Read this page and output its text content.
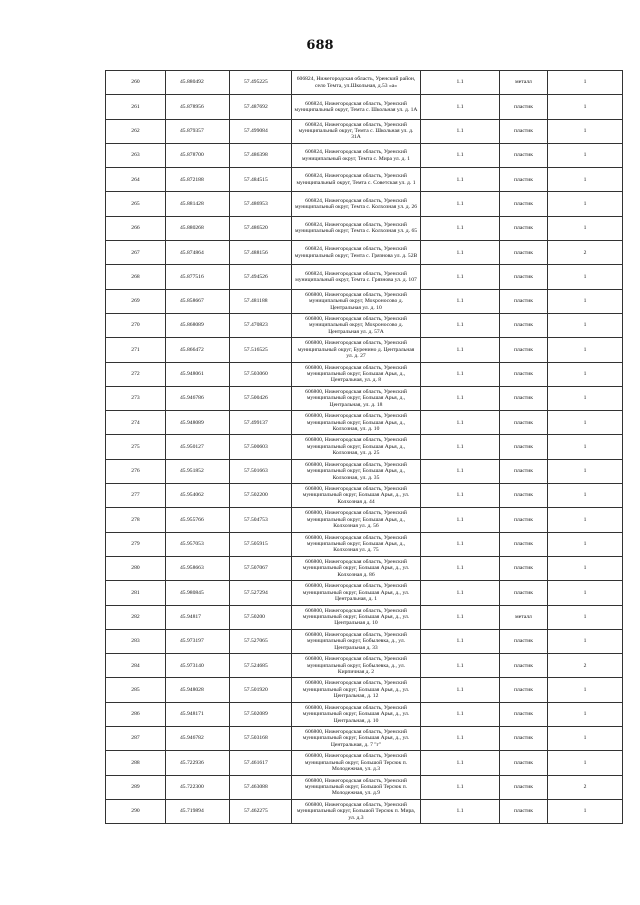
688
260	45.880492	57.495225	606824, Нижегородская область, Уренский район, село Темта, ул.Школьная, д.53 «а»	1.1	металл	1
261	45.878956	57.487692	606824, Нижегородская область, Уренский муниципальный округ, Темта с. Школьная ул. д. 1А	1.1	пластик	1
262	45.879357	57.499084	606824, Нижегородская область, Уренский муниципальный округ, Темта с. Школьная ул. д. 31А	1.1	пластик	1
263	45.878700	57.486398	606824, Нижегородская область, Уренский муниципальный округ, Темта с. Мира ул. д. 1	1.1	пластик	1
264	45.872188	57.484515	606824, Нижегородская область, Уренский муниципальный округ, Темта с. Советская ул. д. 1	1.1	пластик	1
265	45.881428	57.486953	606824, Нижегородская область, Уренский муниципальный округ, Темта с. Колхозная ул. д. 26	1.1	пластик	1
266	45.880268	57.486520	606824, Нижегородская область, Уренский муниципальный округ, Темта с. Колхозная ул. д. 65	1.1	пластик	1
267	45.874864	57.488156	606824, Нижегородская область, Уренский муниципальный округ, Темта с. Грязнова ул. д. 52В	1.1	пластик	2
268	45.877516	57.494526	606824, Нижегородская область, Уренский муниципальный округ, Темта с. Грязнова ул. д. 107	1.1	пластик	1
269	45.858667	57.481188	606800, Нижегородская область, Уренский муниципальный округ, Мохроносово д. Центральная ул. д. 10	1.1	пластик	1
270	45.868089	57.470823	606800, Нижегородская область, Уренский муниципальный округ, Мохроносово д. Центральная ул. д. 57А	1.1	пластик	1
271	45.866472	57.516525	606800, Нижегородская область, Уренский муниципальный округ, Буренино д. Центральная ул. д. 27	1.1	пластик	1
272	45.948061	57.503060	606800, Нижегородская область, Уренский муниципальный округ, Большая Арья, д., Центральная, ул. д. 8	1.1	пластик	1
273	45.946786	57.500426	606800, Нижегородская область, Уренский муниципальный округ, Большая Арья, д., Центральная, ул. д. 18	1.1	пластик	1
274	45.948089	57.499137	606800, Нижегородская область, Уренский муниципальный округ, Большая Арья, д., Колхозная, ул. д. 10	1.1	пластик	1
275	45.950127	57.500603	606800, Нижегородская область, Уренский муниципальный округ, Большая Арья, д., Колхозная, ул. д. 25	1.1	пластик	1
276	45.951852	57.501663	606800, Нижегородская область, Уренский муниципальный округ, Большая Арья, д., Колхозная, ул. д. 35	1.1	пластик	1
277	45.954062	57.502200	606800, Нижегородская область, Уренский муниципальный округ, Большая Арья, д., ул. Колхозная д. 44	1.1	пластик	1
278	45.955766	57.504753	606800, Нижегородская область, Уренский муниципальный округ, Большая Арья, д., Колхозная ул. д. 56	1.1	пластик	1
279	45.957053	57.505915	606800, Нижегородская область, Уренский муниципальный округ, Большая Арья, д., Колхозная ул. д. 75	1.1	пластик	1
280	45.958663	57.507067	606800, Нижегородская область, Уренский муниципальный округ, Большая Арья, д., ул. Колхозная д. 86	1.1	пластик	1
281	45.980845	57.527294	606800, Нижегородская область, Уренский муниципальный округ, Большая Арья, д., ул. Центральная, д. 1	1.1	пластик	1
282	45.94817	57.50200	606800, Нижегородская область, Уренский муниципальный округ, Большая Арья, д., ул. Центральная д. 10	1.1	металл	1
283	45.973197	57.527065	606800, Нижегородская область, Уренский муниципальный округ, Бобылевка, д., ул. Центральная д. 33	1.1	пластик	1
284	45.973140	57.524685	606800, Нижегородская область, Уренский муниципальный округ, Бобылевка, д., ул. Кирпичная д. 2	1.1	пластик	2
285	45.948028	57.501920	606800, Нижегородская область, Уренский муниципальный округ, Большая Арья, д., ул. Центральная, д. 12	1.1	пластик	1
286	45.948171	57.502089	606800, Нижегородская область, Уренский муниципальный округ, Большая Арья, д., ул. Центральная, д. 10	1.1	пластик	1
287	45.946782	57.503168	606800, Нижегородская область, Уренский муниципальный округ, Большая Арья, д., ул. Центральная, д. 7 "г"	1.1	пластик	1
288	45.722936	57.461617	606800, Нижегородская область, Уренский муниципальный округ, Большой Терсюк п. Молодежная, ул. д.3	1.1	пластик	1
289	45.722300	57.463088	606800, Нижегородская область, Уренский муниципальный округ, Большой Терсюк п. Молодежная, ул. д.9	1.1	пластик	2
290	45.719894	57.462275	606800, Нижегородская область, Уренский муниципальный округ, Большой Терсюк п. Мира, ул. д.3	1.1	пластик	1
